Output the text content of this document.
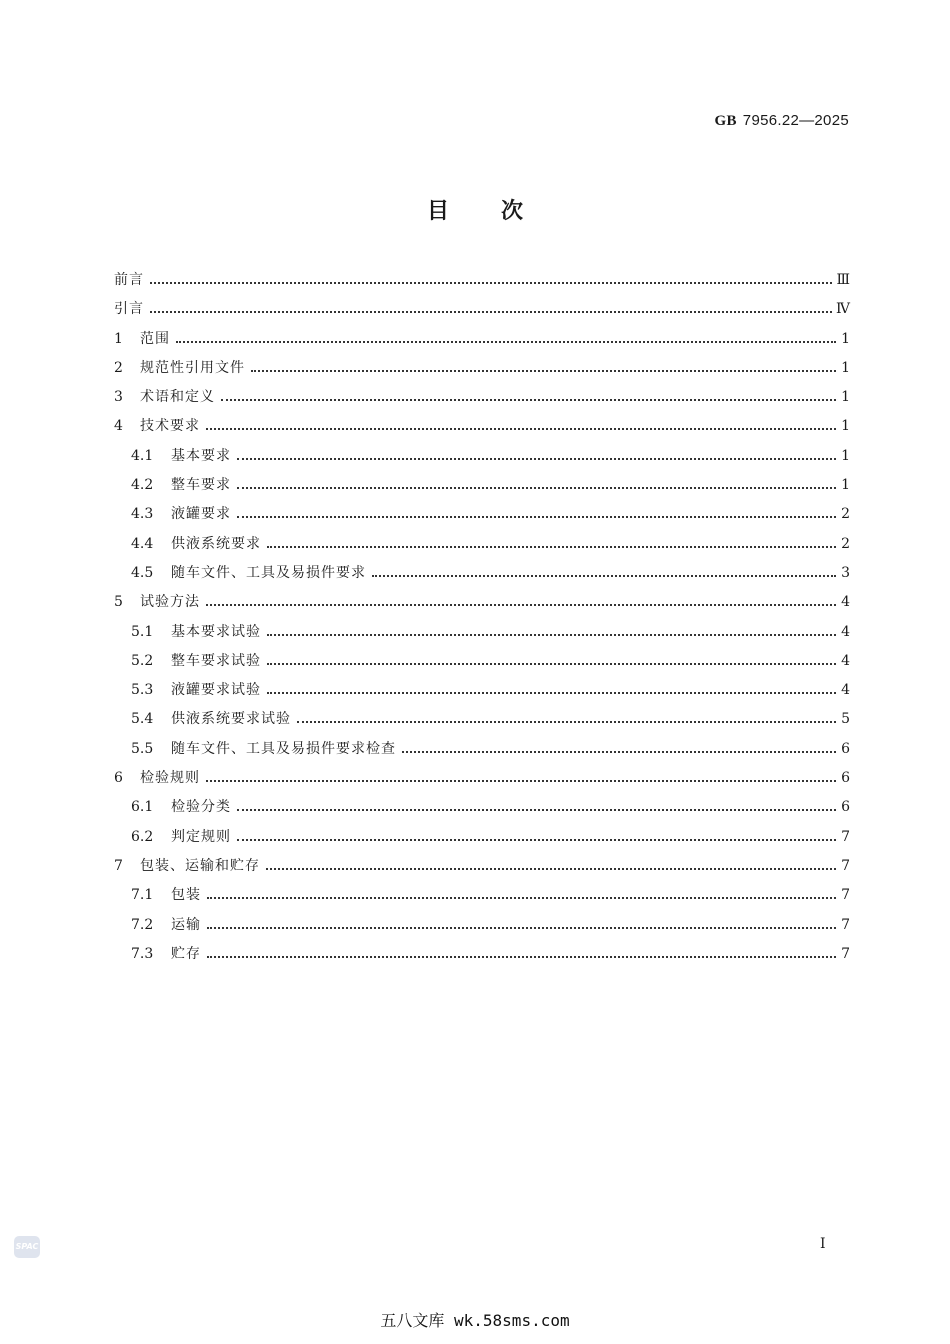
GB 7956.22—2025
目次
前言	Ⅲ
引言	Ⅳ
1	范围	1
2	规范性引用文件	1
3	术语和定义	1
4	技术要求	1
4.1	基本要求	1
4.2	整车要求	1
4.3	液罐要求	2
4.4	供液系统要求	2
4.5	随车文件、工具及易损件要求	3
5	试验方法	4
5.1	基本要求试验	4
5.2	整车要求试验	4
5.3	液罐要求试验	4
5.4	供液系统要求试验	5
5.5	随车文件、工具及易损件要求检查	6
6	检验规则	6
6.1	检验分类	6
6.2	判定规则	7
7	包装、运输和贮存	7
7.1	包装	7
7.2	运输	7
7.3	贮存	7
SPAC	I
五八文库 wk.58sms.com
